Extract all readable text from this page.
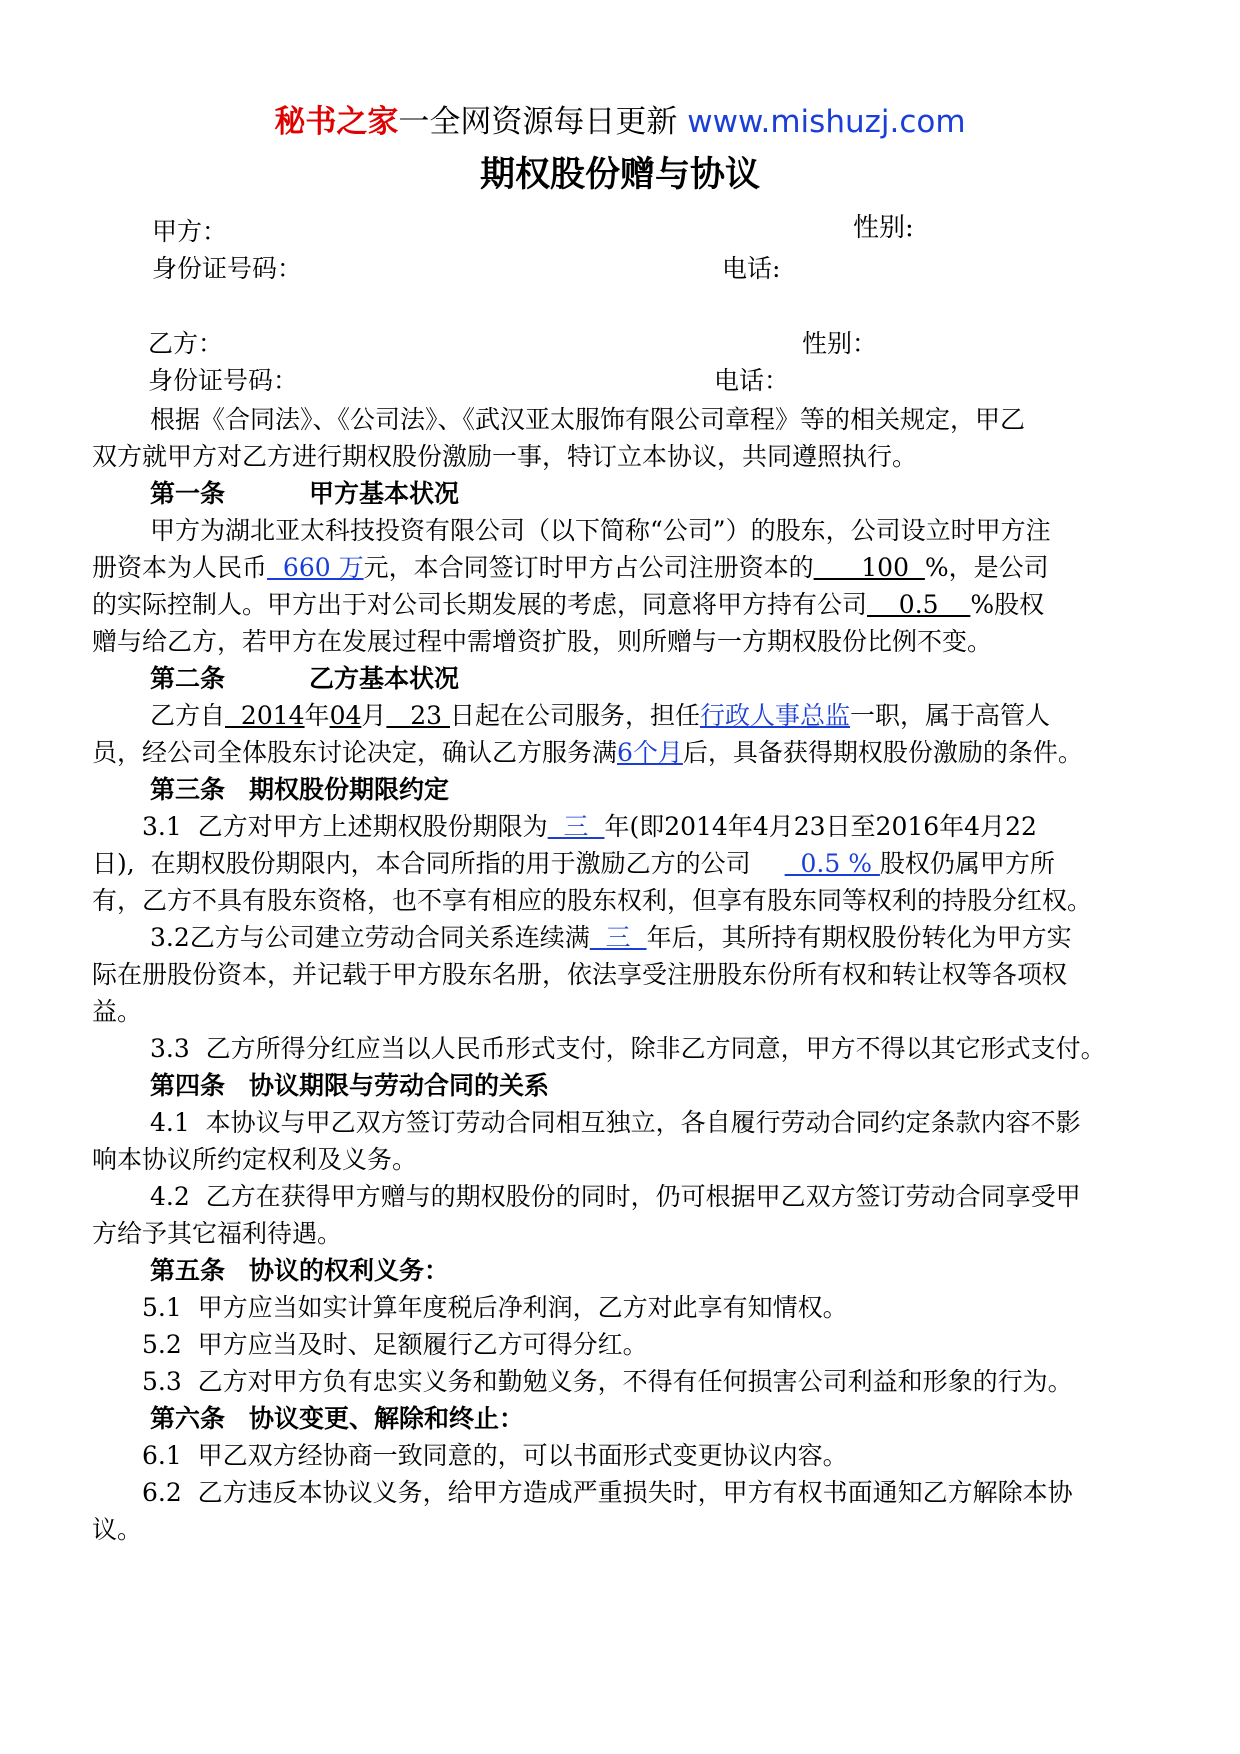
秘书之家一全网资源每日更新 www.mishuzj.com
期权股份赠与协议
甲方：	性别:
身份证号码：	电话:
乙方：	性别：
身份证号码：	电话：
根据《合同法》、《公司法》、《武汉亚太服饰有限公司章程》等的相关规定，甲乙
双方就甲方对乙方进行期权股份激励一事，特订立本协议，共同遵照执行。
第一条	甲方基本状况
甲方为湖北亚太科技投资有限公司（以下简称“公司”）的股东，公司设立时甲方注
册资本为人民币  660 万元，本合同签订时甲方占公司注册资本的      100  %，是公司
的实际控制人。甲方出于对公司长期发展的考虑，同意将甲方持有公司    0.5    %股权
赠与给乙方，若甲方在发展过程中需增资扩股，则所赠与一方期权股份比例不变。
第二条	乙方基本状况
乙方自  2014年04月   23 日起在公司服务，担任行政人事总监一职，属于高管人
员，经公司全体股东讨论决定，确认乙方服务满6个月后，具备获得期权股份激励的条件。
第三条 期权股份期限约定
3.1  乙方对甲方上述期权股份期限为  三  年(即2014年4月23日至2016年4月22
日),  在期权股份期限内，本合同所指的用于激励乙方的公司  0.5 % 股权仍属甲方所
有，乙方不具有股东资格，也不享有相应的股东权利，但享有股东同等权利的持股分红权。
3.2乙方与公司建立劳动合同关系连续满  三  年后，其所持有期权股份转化为甲方实
际在册股份资本，并记载于甲方股东名册，依法享受注册股东份所有权和转让权等各项权
益。
3.3  乙方所得分红应当以人民币形式支付，除非乙方同意，甲方不得以其它形式支付。
第四条 协议期限与劳动合同的关系
4.1  本协议与甲乙双方签订劳动合同相互独立，各自履行劳动合同约定条款内容不影
响本协议所约定权利及义务。
4.2  乙方在获得甲方赠与的期权股份的同时，仍可根据甲乙双方签订劳动合同享受甲
方给予其它福利待遇。
第五条 协议的权利义务：
5.1  甲方应当如实计算年度税后净利润，乙方对此享有知情权。
5.2  甲方应当及时、足额履行乙方可得分红。
5.3  乙方对甲方负有忠实义务和勤勉义务，不得有任何损害公司利益和形象的行为。
第六条 协议变更、解除和终止：
6.1  甲乙双方经协商一致同意的，可以书面形式变更协议内容。
6.2  乙方违反本协议义务，给甲方造成严重损失时，甲方有权书面通知乙方解除本协
议。
